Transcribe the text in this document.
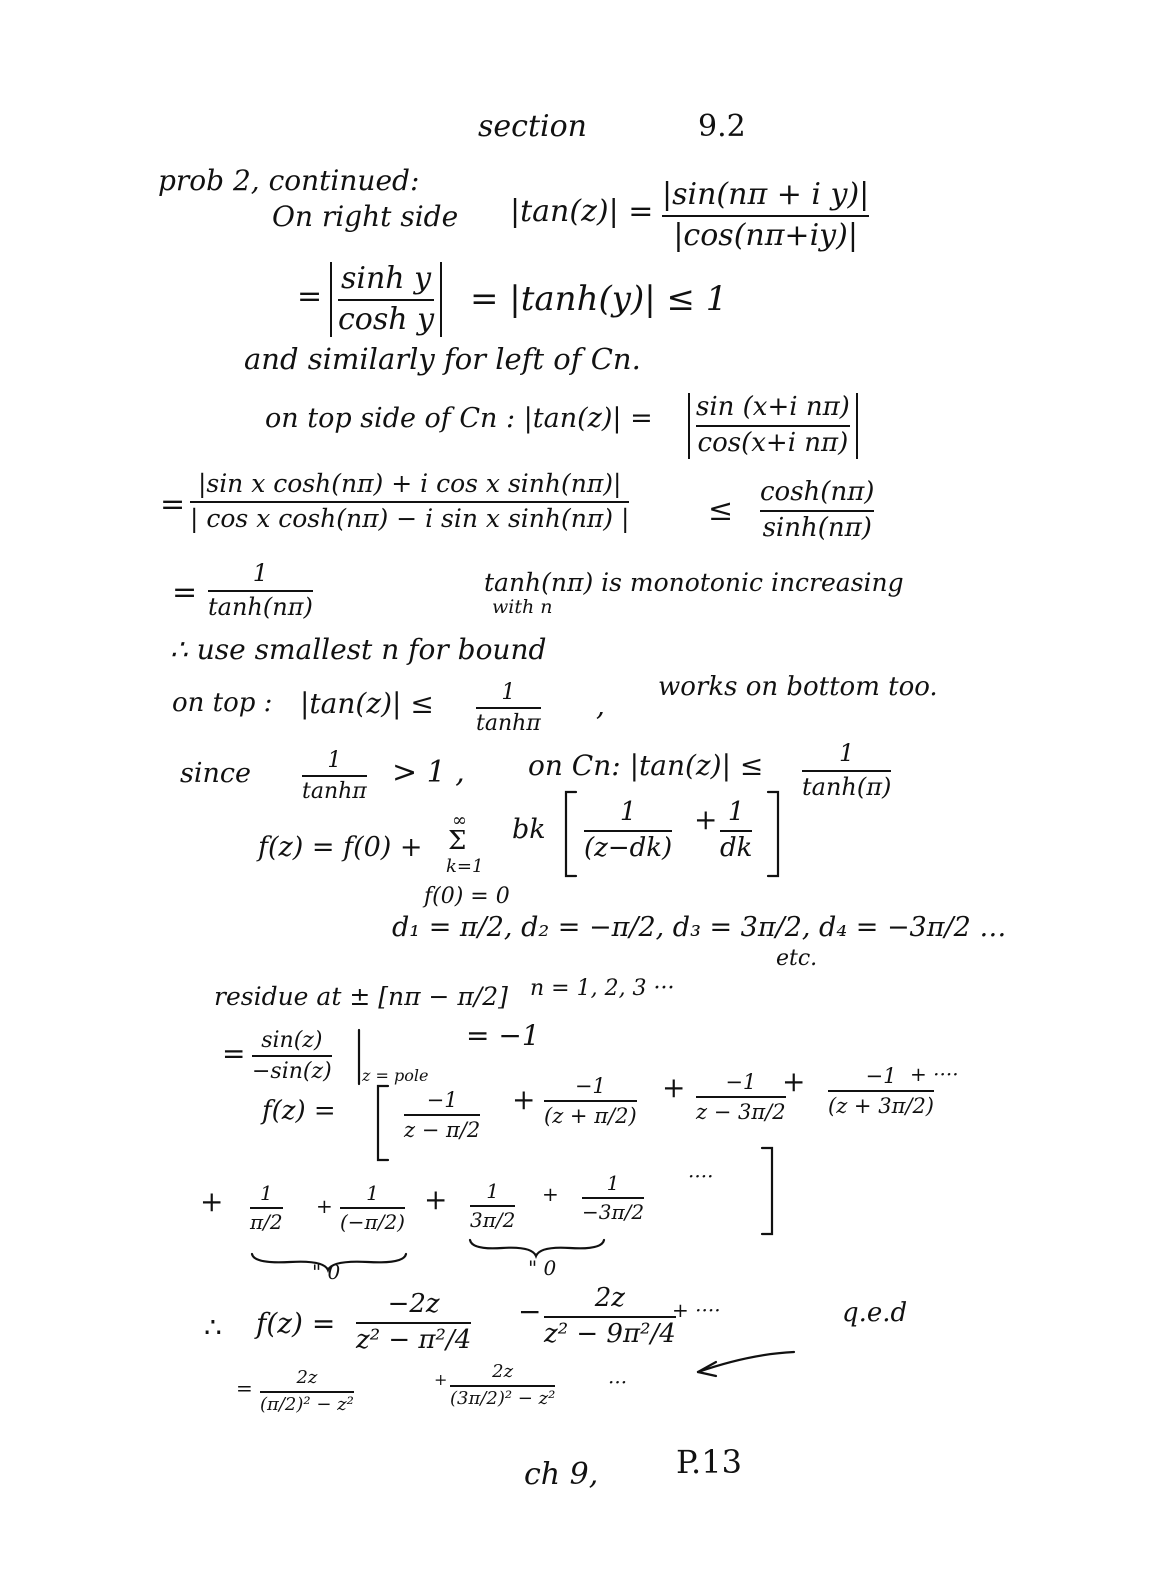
section	9.2
prob 2, continued:
On right side |tan(z)| = |sin(nπ + i y)|
|cos(nπ+iy)|
=
sinh y
cosh y = |tanh(y)| ≤ 1
and similarly for left of Cn.
on top side of Cn : |tan(z)| = sin (x+i nπ)
cos(x+i nπ)
=
|sin x cosh(nπ) + i cos x sinh(nπ)|
| cos x cosh(nπ) − i sin x sinh(nπ) |	≤
cosh(nπ)
sinh(nπ)
=
1
tanh(nπ)
tanh(nπ) is monotonic increasing
with n
∴ use smallest n for bound
on top : |tan(z)| ≤	1
tanhπ
,
works on bottom too.
since	1
tanhπ
> 1 , on Cn: |tan(z)| ≤	1
tanh(π)
f(z) = f(0) +
∞
Σ
k=1
bk
1
(z−dk)
+ 1
dk
f(0) = 0
d₁ = π/2, d₂ = −π/2, d₃ = 3π/2, d₄ = −3π/2 …
etc.
residue at ± [nπ − π/2] n = 1, 2, 3 ···
= sin(z)
−sin(z) z = pole
= −1
f(z) =	−1
z − π/2
+	−1
(z + π/2)
+	−1
z − 3π/2
+	−1
(z + 3π/2)
+ ····
+	1
π/2
+
1
(−π/2)
+	1
3π/2
+	1
−3π/2
····
" 0	" 0
∴ f(z) =
−2z
z² − π²/4
−	2z
z² − 9π²/4
+ ····	q.e.d
=	2z
(π/2)² − z²
+	2z
(3π/2)² − z²
···
ch 9, P.13
